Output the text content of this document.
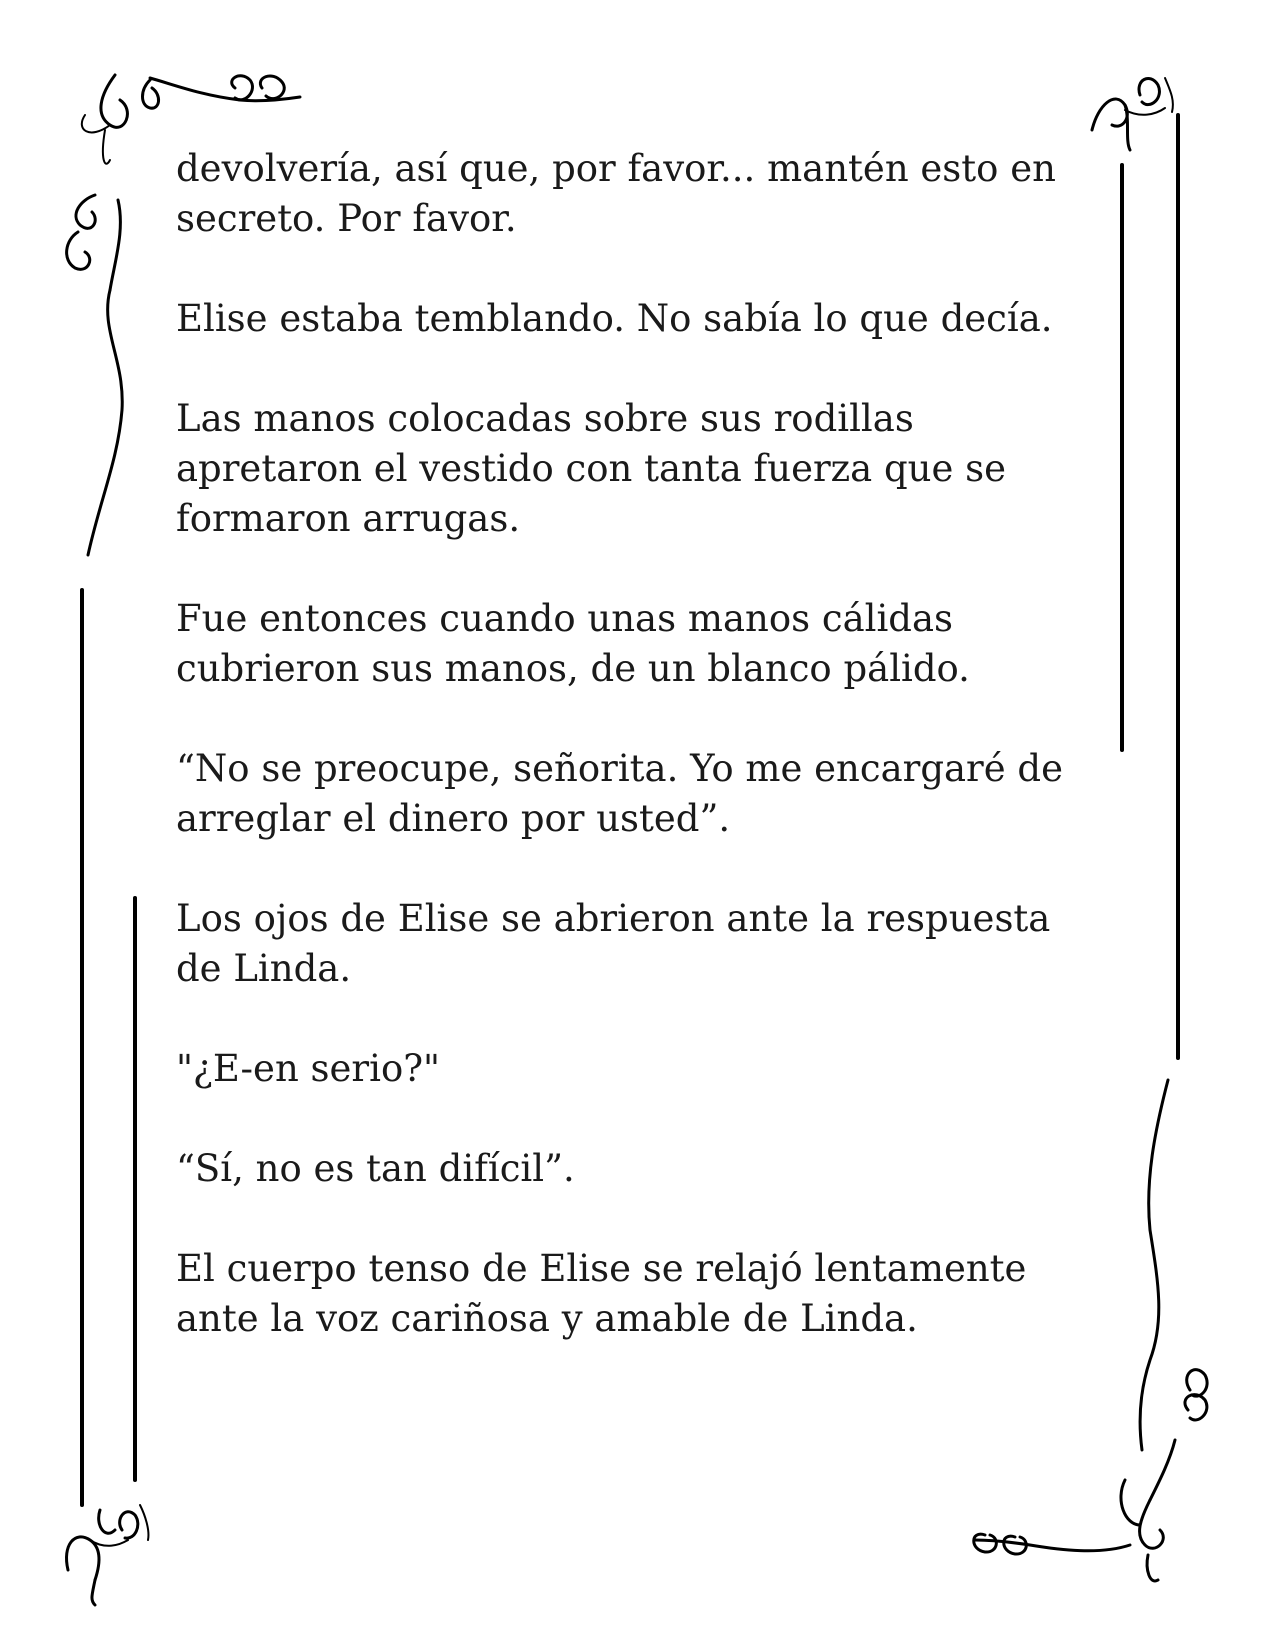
devolvería, así que, por favor... mantén esto en
secreto. Por favor.

Elise estaba temblando. No sabía lo que decía.

Las manos colocadas sobre sus rodillas
apretaron el vestido con tanta fuerza que se
formaron arrugas.

Fue entonces cuando unas manos cálidas
cubrieron sus manos, de un blanco pálido.

“No se preocupe, señorita. Yo me encargaré de
arreglar el dinero por usted”.

Los ojos de Elise se abrieron ante la respuesta
de Linda.

"¿E-en serio?"

“Sí, no es tan difícil”.

El cuerpo tenso de Elise se relajó lentamente
ante la voz cariñosa y amable de Linda.
